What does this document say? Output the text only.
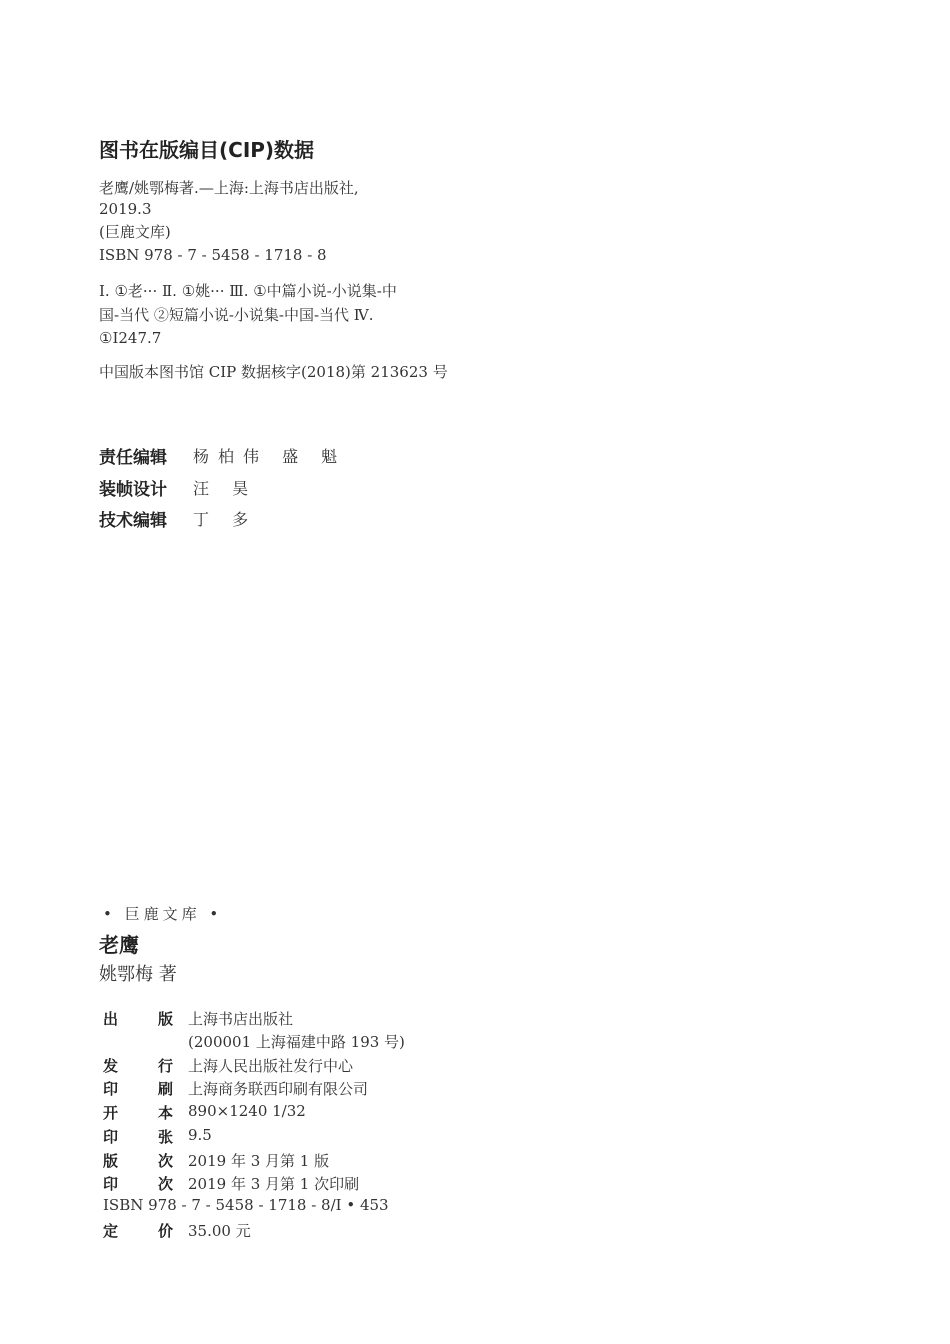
图书在版编目(CIP)数据
老鹰/姚鄂梅著.—上海:上海书店出版社,
2019.3
(巨鹿文库)
ISBN 978 - 7 - 5458 - 1718 - 8
Ⅰ. ①老··· Ⅱ. ①姚··· Ⅲ. ①中篇小说-小说集-中
国-当代 ②短篇小说-小说集-中国-当代 Ⅳ.
①I247.7
中国版本图书馆 CIP 数据核字(2018)第 213623 号
责任编辑 杨柏伟 盛 魁
装帧设计 汪 昊
技术编辑 丁 多
• 巨鹿文库 •
老鹰
姚鄂梅 著
出	版 上海书店出版社
(200001 上海福建中路 193 号)
发	行 上海人民出版社发行中心
印	刷 上海商务联西印刷有限公司
开	本 890×1240 1/32
印	张 9.5
版	次 2019 年 3 月第 1 版
印	次 2019 年 3 月第 1 次印刷
ISBN 978 - 7 - 5458 - 1718 - 8/I • 453
定	价 35.00 元
